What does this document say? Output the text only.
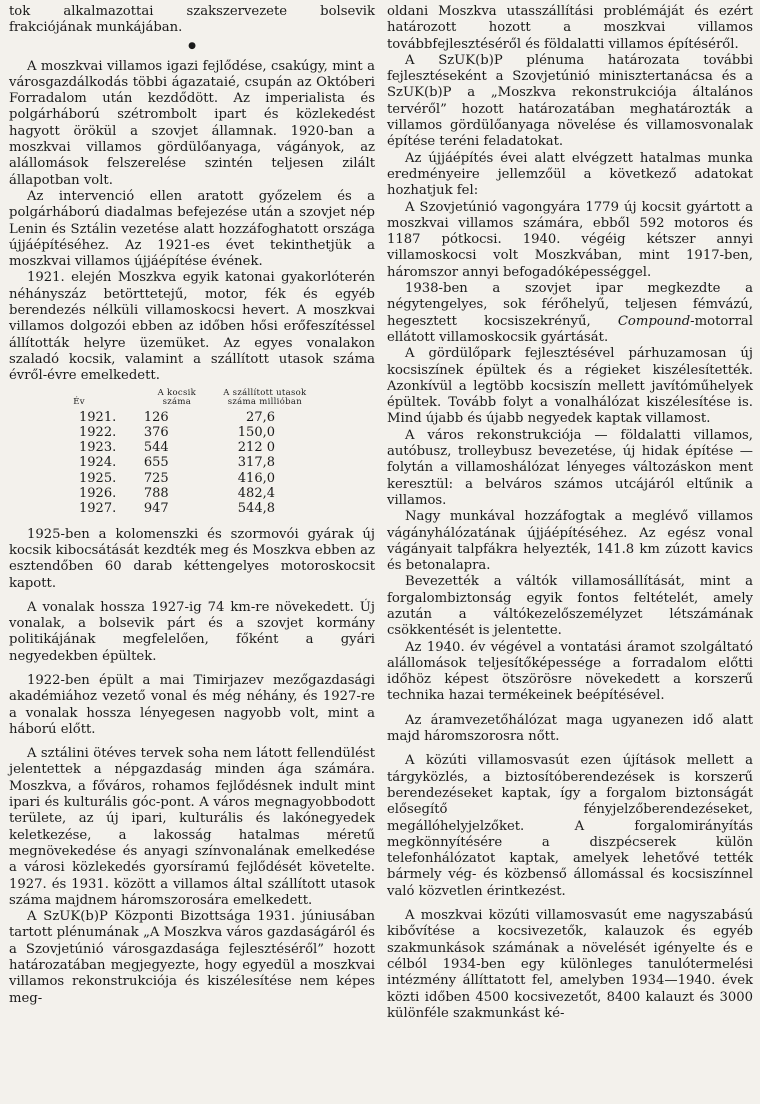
tok alkalmazottai szakszervezete bolsevik frakciójának munkájában.

●

A moszkvai villamos igazi fejlődése, csakúgy, mint a városgazdálkodás többi ágazataié, csupán az Októberi Forradalom után kezdődött. Az imperialista és polgárháború szétrombolt ipart és közlekedést hagyott örökül a szovjet államnak. 1920-ban a moszkvai villamos gördülőanyaga, vágányok, az alállomások felszerelése szintén teljesen zilált állapotban volt.

Az intervenció ellen aratott győzelem és a polgárháború diadalmas befejezése után a szovjet nép Lenin és Sztálin vezetése alatt hozzáfoghatott országa újjáépítéséhez. Az 1921-es évet tekinthetjük a moszkvai villamos újjáépítése évének.

1921. elején Moszkva egyik katonai gyakorlóterén néhányszáz betörttetejű, motor, fék és egyéb berendezés nélküli villamoskocsi hevert. A moszkvai villamos dolgozói ebben az időben hősi erőfeszítéssel állították helyre üzemüket. Az egyes vonalakon szaladó kocsik, valamint a szállított utasok száma évről-évre emelkedett.

Év	A kocsik száma	A szállított utasok száma millióban
1921.	126	27,6
1922.	376	150,0
1923.	544	212 0
1924.	655	317,8
1925.	725	416,0
1926.	788	482,4
1927.	947	544,8

1925-ben a kolomenszki és szormovói gyárak új kocsik kibocsátását kezdték meg és Moszkva ebben az esztendőben 60 darab kéttengelyes motoroskocsit kapott.

A vonalak hossza 1927-ig 74 km-re növekedett. Új vonalak, a bolsevik párt és a szovjet kormány politikájának megfelelően, főként a gyári negyedekben épültek.

1922-ben épült a mai Timirjazev mezőgazdasági akadémiához vezető vonal és még néhány, és 1927-re a vonalak hossza lényegesen nagyobb volt, mint a háború előtt.

A sztálini ötéves tervek soha nem látott fellendülést jelentettek a népgazdaság minden ága számára. Moszkva, a főváros, rohamos fejlődésnek indult mint ipari és kulturális góc-pont. A város megnagyobbodott területe, az új ipari, kulturális és lakónegyedek keletkezése, a lakosság hatalmas méretű megnövekedése és anyagi színvonalának emelkedése a városi közlekedés gyorsíramú fejlődését követelte. 1927. és 1931. között a villamos által szállított utasok száma majdnem háromszorosára emelkedett.

A SzUK(b)P Központi Bizottsága 1931. júniusában tartott plénumának „A Moszkva város gazdaságáról és a Szovjetúnió városgazdasága fejlesztéséről” hozott határozatában megjegyezte, hogy egyedül a moszkvai villamos rekonstrukciója és kiszélesítése nem képes meg-

oldani Moszkva utasszállítási problémáját és ezért határozott hozott a moszkvai villamos továbbfejlesztéséről és földalatti villamos építéséről.

A SzUK(b)P plénuma határozata további fejlesztéseként a Szovjetúnió minisztertanácsa és a SzUK(b)P a „Moszkva rekonstrukciója általános tervéről” hozott határozatában meghatározták a villamos gördülőanyaga növelése és villamosvonalak építése teréni feladatokat.

Az újjáépítés évei alatt elvégzett hatalmas munka eredményeire jellemzőül a következő adatokat hozhatjuk fel:

A Szovjetúnió vagongyára 1779 új kocsit gyártott a moszkvai villamos számára, ebből 592 motoros és 1187 pótkocsi. 1940. végéig kétszer annyi villamoskocsi volt Moszkvában, mint 1917-ben, háromszor annyi befogadóképességgel.

1938-ben a szovjet ipar megkezdte a négytengelyes, sok férőhelyű, teljesen fémvázú, hegesztett kocsiszekrényű, Compound-motorral ellátott villamoskocsik gyártását.

A gördülőpark fejlesztésével párhuzamosan új kocsiszínek épültek és a régieket kiszélesítették. Azonkívül a legtöbb kocsiszín mellett javítóműhelyek épültek. Tovább folyt a vonalhálózat kiszélesítése is. Mind újabb és újabb negyedek kaptak villamost.

A város rekonstrukciója — földalatti villamos, autóbusz, trolleybusz bevezetése, új hidak építése — folytán a villamoshálózat lényeges változáskon ment keresztül: a belváros számos utcájáról eltűnik a villamos.

Nagy munkával hozzáfogtak a meglévő villamos vágányhálózatának újjáépítéséhez. Az egész vonal vágányait talpfákra helyezték, 141.8 km zúzott kavics és betonalapra.

Bevezették a váltók villamosállítását, mint a forgalombiztonság egyik fontos feltételét, amely azután a váltókezelőszemélyzet létszámának csökkentését is jelentette.

Az 1940. év végével a vontatási áramot szolgáltató alállomások teljesítőképessége a forradalom előtti időhöz képest ötszörösre növekedett a korszerű technika hazai termékeinek beépítésével.

Az áramvezetőhálózat maga ugyanezen idő alatt majd háromszorosra nőtt.

A közúti villamosvasút ezen újítások mellett a tárgyközlés, a biztosítóberendezések is korszerű berendezéseket kaptak, így a forgalom biztonságát elősegítő fényjelzőberendezéseket, megállóhelyjelzőket. A forgalomirányítás megkönnyítésére a diszpécserek külön telefonhálózatot kaptak, amelyek lehetővé tették bármely vég- és közbenső állomással és kocsiszínnel való közvetlen érintkezést.

A moszkvai közúti villamosvasút eme nagyszabású kibővítése a kocsivezetők, kalauzok és egyéb szakmunkások számának a növelését igényelte és e célból 1934-ben egy különleges tanulótermelési intézmény állíttatott fel, amelyben 1934—1940. évek közti időben 4500 kocsivezetőt, 8400 kalauzt és 3000 különféle szakmunkást ké-
